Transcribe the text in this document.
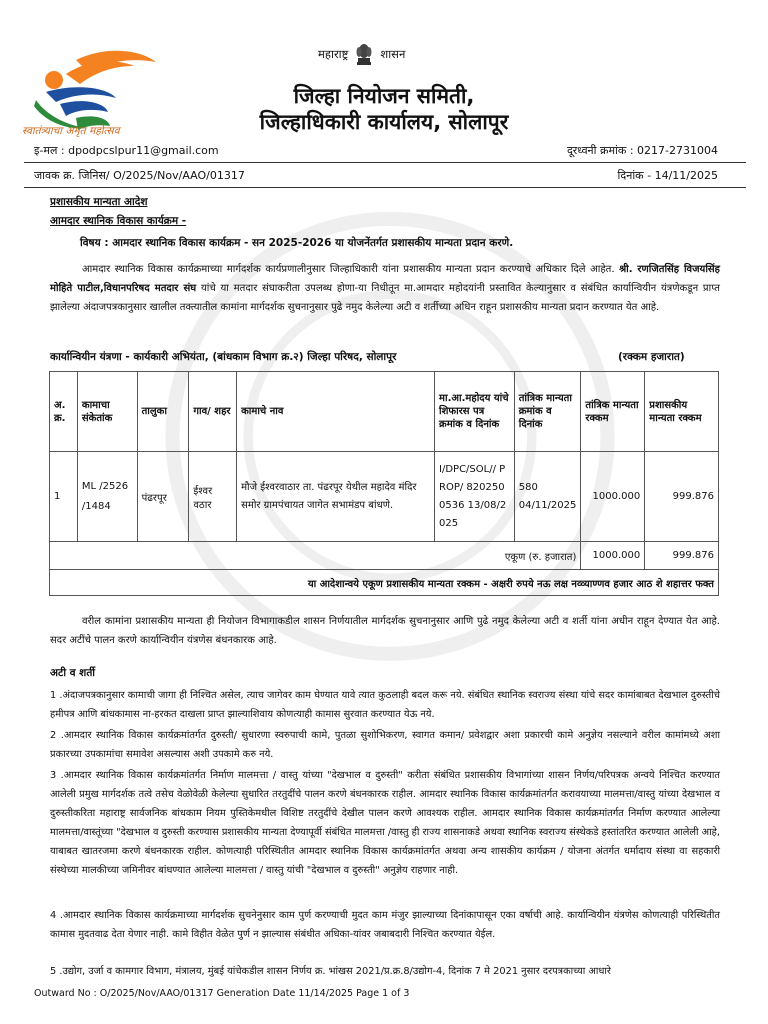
स्वातंत्र्याचा अमृत महोत्सव
महाराष्ट्र	शासन
जिल्हा नियोजन समिती,
जिल्हाधिकारी कार्यालय, सोलापूर
इ-मल : dpodpcslpur11@gmail.com	दूरध्वनी क्रमांक : 0217-2731004
जावक क्र. जिनिस/ O/2025/Nov/AAO/01317	दिनांक - 14/11/2025
प्रशासकीय मान्यता आदेश
आमदार स्थानिक विकास कार्यक्रम -
विषय : आमदार स्थानिक विकास कार्यक्रम - सन 2025-2026 या योजनेंतर्गत प्रशासकीय मान्यता प्रदान करणे.

आमदार स्थानिक विकास कार्यक्रमाच्या मार्गदर्शक कार्यप्रणालीनुसार जिल्हाधिकारी यांना प्रशासकीय मान्यता प्रदान करण्याचे अधिकार दिले आहेत. श्री. रणजितसिंह विजयसिंह मोहिते पाटील,विधानपरिषद मतदार संघ यांचे या मतदार संघाकरीता उपलब्ध होणा-या निधीतून मा.आमदार महोदयांनी प्रस्तावित केल्यानुसार व संबंधित कार्यान्वियीन यंत्रणेकडून प्राप्त झालेल्या अंदाजपत्रकानुसार खालील तक्त्यातील कामांना मार्गदर्शक सुचनानुसार पुढे नमुद केलेल्या अटी व शर्तीच्या अधिन राहून प्रशासकीय मान्यता प्रदान करण्यात येत आहे.

कार्यान्वियीन यंत्रणा - कार्यकारी अभियंता, (बांधकाम विभाग क्र.२) जिल्हा परिषद, सोलापूर	(रक्कम हजारात)
अ. क्र.	कामाचा संकेतांक	तालुका	गाव/ शहर	कामाचे नाव	मा.आ.महोदय यांचे शिफारस पत्र क्रमांक व दिनांक	तांत्रिक मान्यता क्रमांक व दिनांक	तांत्रिक मान्यता रक्कम	प्रशासकीय मान्यता रक्कम
1	ML /2526 /1484	पंढरपूर	ईश्वर वठार	मौजे ईश्वरवाठार ता. पंढरपूर येथील महादेव मंदिर समोर ग्रामपंचायत जागेत सभामंडप बांधणे.	I/DPC/SOL// PROP/ 8202500536 13/08/2025	580 04/11/2025	1000.000	999.876
एकूण (रु. हजारात)							1000.000	999.876
या आदेशान्वये एकूण प्रशासकीय मान्यता रक्कम - अक्षरी रुपये नऊ लक्ष नव्व्याण्णव हजार आठ शे शहात्तर फक्त								

वरील कामांना प्रशासकीय मान्यता ही नियोजन विभागाकडील शासन निर्णयातील मार्गदर्शक सुचनानुसार आणि पुढे नमुद केलेल्या अटी व शर्ती यांना अधीन राहून देण्यात येत आहे. सदर अटींचे पालन करणे कार्यान्वियीन यंत्रणेस बंधनकारक आहे.

अटी व शर्ती

1 .अंदाजपत्रकानुसार कामाची जागा ही निश्चित असेल, त्याच जागेवर काम घेण्यात यावे त्यात कुठलाही बदल करू नये. संबंधित स्थानिक स्वराज्य संस्था यांचे सदर कामांबाबत देखभाल दुरुस्तीचे हमीपत्र आणि बांधकामास ना-हरकत दाखला प्राप्त झाल्याशिवाय कोणत्याही कामास सुरवात करण्यात येऊ नये.

2 .आमदार स्थानिक विकास कार्यक्रमांतर्गत दुरुस्ती/ सुधारणा स्वरुपाची कामे, पुतळा सुशोभिकरण, स्वागत कमान/ प्रवेशद्वार अशा प्रकारची कामे अनुज्ञेय नसल्याने वरील कामांमध्ये अशा प्रकारच्या उपकामांचा समावेश असल्यास अशी उपकामे करु नये.

3 .आमदार स्थानिक विकास कार्यक्रमांतर्गत निर्माण मालमत्ता / वास्तु यांच्या "देखभाल व दुरुस्ती" करीता संबंधित प्रशासकीय विभागांच्या शासन निर्णय/परिपत्रक अन्वये निश्चित करण्यात आलेली प्रमुख मार्गदर्शक तत्वे तसेच वेळोवेळी केलेल्या सुधारित तरतुदींचे पालन करणे बंधनकारक राहील. आमदार स्थानिक विकास कार्यक्रमांतर्गत करावयाच्या मालमत्ता/वास्तु यांच्या देखभाल व दुरुस्तीकरिता महाराष्ट्र सार्वजनिक बांधकाम नियम पुस्तिकेमधील विशिष्ट तरतुदींचे देखील पालन करणे आवश्यक राहील. आमदार स्थानिक विकास कार्यक्रमांतर्गत निर्माण करण्यात आलेल्या मालमत्ता/वास्तूंच्या "देखभाल व दुरुस्ती करण्यास प्रशासकीय मान्यता देण्यापूर्वी संबंधित मालमत्ता /वास्तु ही राज्य शासनाकडे अथवा स्थानिक स्वराज्य संस्थेकडे हस्तांतरित करण्यात आलेली आहे, याबाबत खातरजमा करणे बंधनकारक राहील. कोणत्याही परिस्थितीत आमदार स्थानिक विकास कार्यक्रमांतर्गत अथवा अन्य शासकीय कार्यक्रम / योजना अंतर्गत धर्मादाय संस्था वा सहकारी संस्थेच्या मालकीच्या जमिनीवर बांधण्यात आलेल्या मालमत्ता / वास्तु यांची "देखभाल व दुरुस्ती" अनुज्ञेय राहणार नाही.

4 .आमदार स्थानिक विकास कार्यक्रमाच्या मार्गदर्शक सुचनेनुसार काम पुर्ण करण्याची मुदत काम मंजुर झाल्याच्या दिनांकापासून एका वर्षाची आहे. कार्यान्वियीन यंत्रणेस कोणत्याही परिस्थितीत कामास मुदतवाढ देता येणार नाही. कामे विहीत वेळेत पुर्ण न झाल्यास संबंधीत अधिका-यांवर जबाबदारी निश्चित करण्यात येईल.

5 .उद्योग, उर्जा व कामगार विभाग, मंत्रालय, मुंबई यांचेकडील शासन निर्णय क्र. भांखस 2021/प्र.क्र.8/उद्योग-4, दिनांक 7 मे 2021 नुसार दरपत्रकाच्या आधारे

Outward No : O/2025/Nov/AAO/01317 Generation Date 11/14/2025 Page 1 of 3
